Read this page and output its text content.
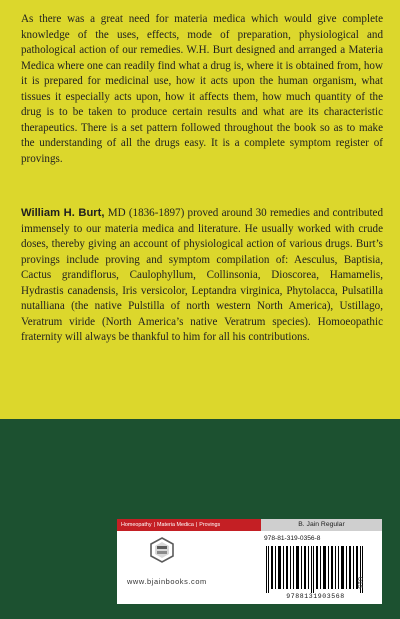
As there was a great need for materia medica which would give complete knowledge of the uses, effects, mode of preparation, physiological and pathological action of our remedies. W.H. Burt designed and arranged a Materia Medica where one can readily find what a drug is, where it is obtained from, how it is prepared for medicinal use, how it acts upon the human organism, what tissues it especially acts upon, how it affects them, how much quantity of the drug is to be taken to produce certain results and what are its characteristic therapeutics. There is a set pattern followed throughout the book so as to make the understanding of all the drugs easy. It is a complete symptom register of provings.

William H. Burt, MD (1836-1897) proved around 30 remedies and contributed immensely to our materia medica and literature. He usually worked with crude doses, thereby giving an account of physiological action of various drugs. Burt’s provings include proving and symptom compilation of: Aesculus, Baptisia, Cactus grandiflorus, Caulophyllum, Collinsonia, Dioscorea, Hamamelis, Hydrastis canadensis, Iris versicolor, Leptandra virginica, Phytolacca, Pulsatilla nutalliana (the native Pulstilla of north western North America), Ustillago, Veratrum viride (North America’s native Veratrum species). Homoeopathic fraternity will always be thankful to him for all his contributions.

Homeopathy | Materia Medica | Provings	B. Jain Regular
www.bjainbooks.com
978-81-319-0356-8
9788131903568
015
